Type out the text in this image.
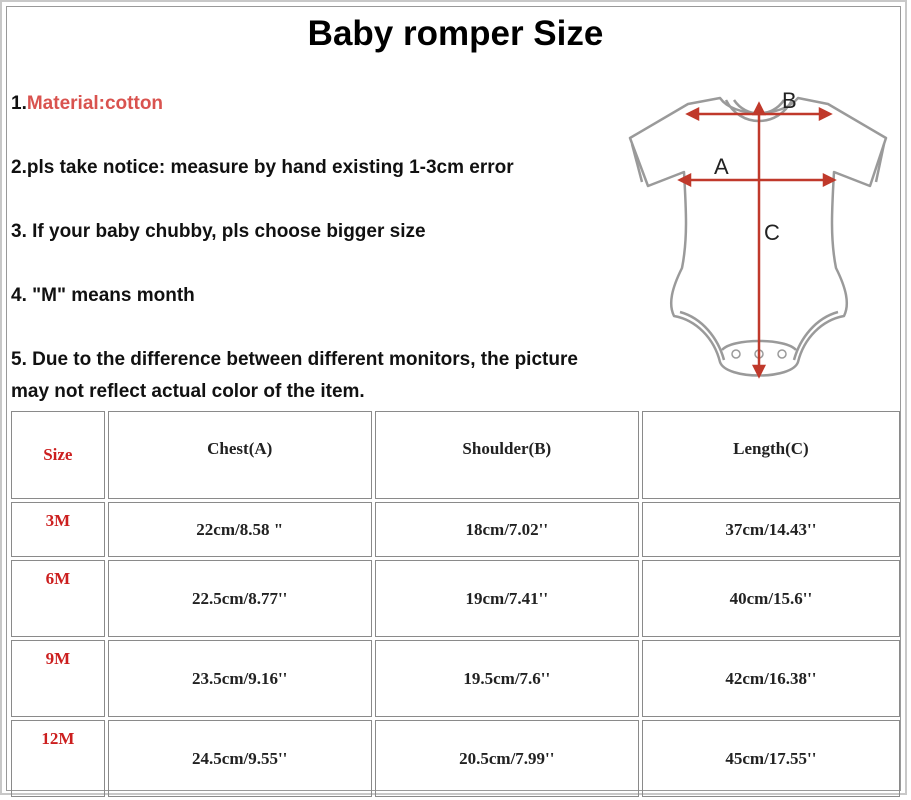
Baby romper Size
1.Material:cotton
2.pls take notice: measure by hand existing 1-3cm error
3. If your baby chubby, pls choose bigger size
4. "M" means month
5. Due to the difference between different monitors, the picture
may not reflect actual color of the item.
B
A
C
Size	Chest(A)	Shoulder(B)	Length(C)
3M	22cm/8.58 "	18cm/7.02''	37cm/14.43''
6M	22.5cm/8.77''	19cm/7.41''	40cm/15.6''
9M	23.5cm/9.16''	19.5cm/7.6''	42cm/16.38''
12M	24.5cm/9.55''	20.5cm/7.99''	45cm/17.55''
